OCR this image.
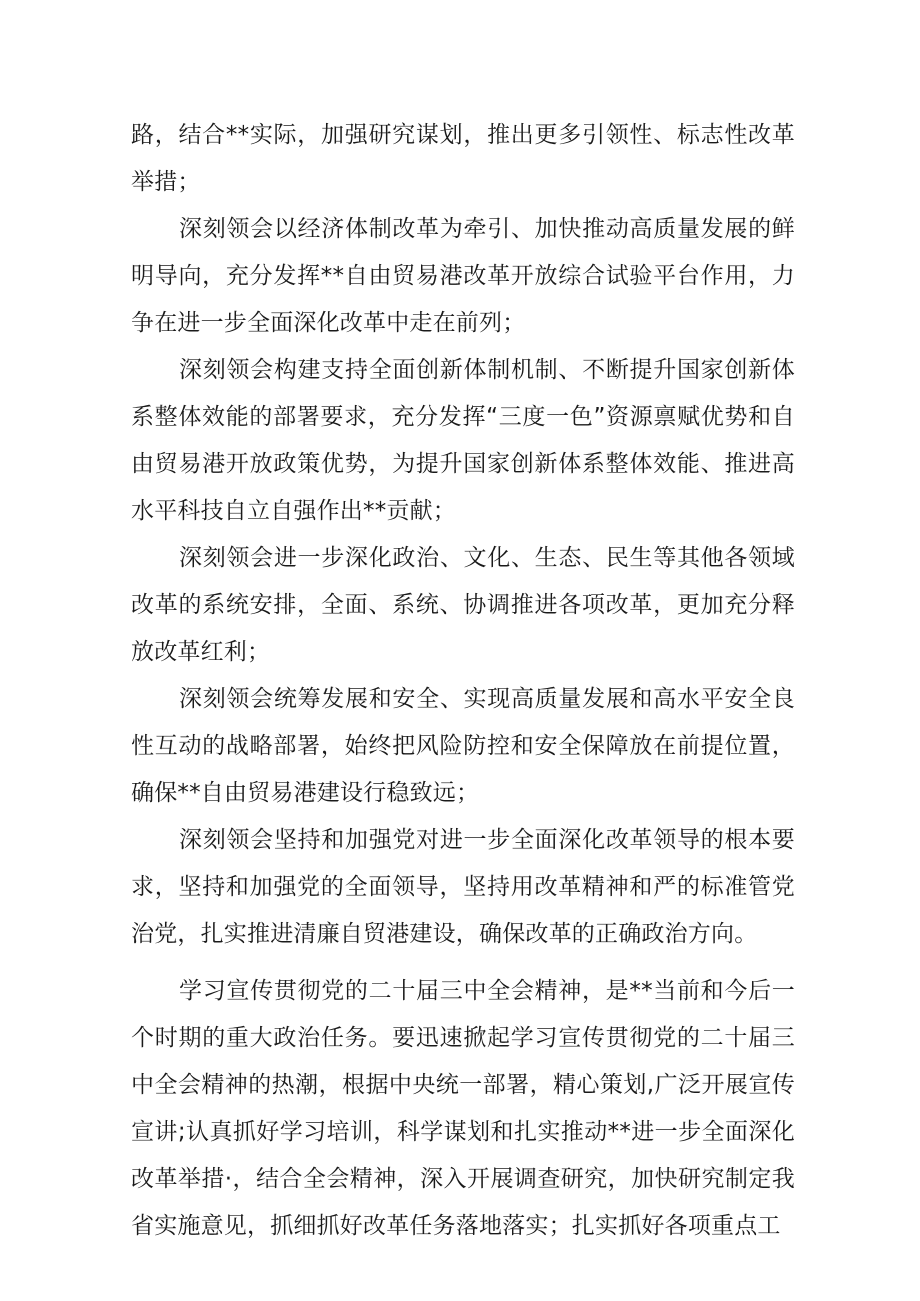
路，结合**实际，加强研究谋划，推出更多引领性、标志性改革举措；

深刻领会以经济体制改革为牵引、加快推动高质量发展的鲜明导向，充分发挥**自由贸易港改革开放综合试验平台作用，力争在进一步全面深化改革中走在前列；

深刻领会构建支持全面创新体制机制、不断提升国家创新体系整体效能的部署要求，充分发挥“三度一色”资源禀赋优势和自由贸易港开放政策优势，为提升国家创新体系整体效能、推进高水平科技自立自强作出**贡献；

深刻领会进一步深化政治、文化、生态、民生等其他各领域改革的系统安排，全面、系统、协调推进各项改革，更加充分释放改革红利；

深刻领会统筹发展和安全、实现高质量发展和高水平安全良性互动的战略部署，始终把风险防控和安全保障放在前提位置，确保**自由贸易港建设行稳致远；

深刻领会坚持和加强党对进一步全面深化改革领导的根本要求，坚持和加强党的全面领导，坚持用改革精神和严的标准管党治党，扎实推进清廉自贸港建设，确保改革的正确政治方向。

学习宣传贯彻党的二十届三中全会精神，是**当前和今后一个时期的重大政治任务。要迅速掀起学习宣传贯彻党的二十届三中全会精神的热潮，根据中央统一部署，精心策划,广泛开展宣传宣讲;认真抓好学习培训，科学谋划和扎实推动**进一步全面深化改革举措·，结合全会精神，深入开展调查研究，加快研究制定我省实施意见，抓细抓好改革任务落地落实；扎实抓好各项重点工
